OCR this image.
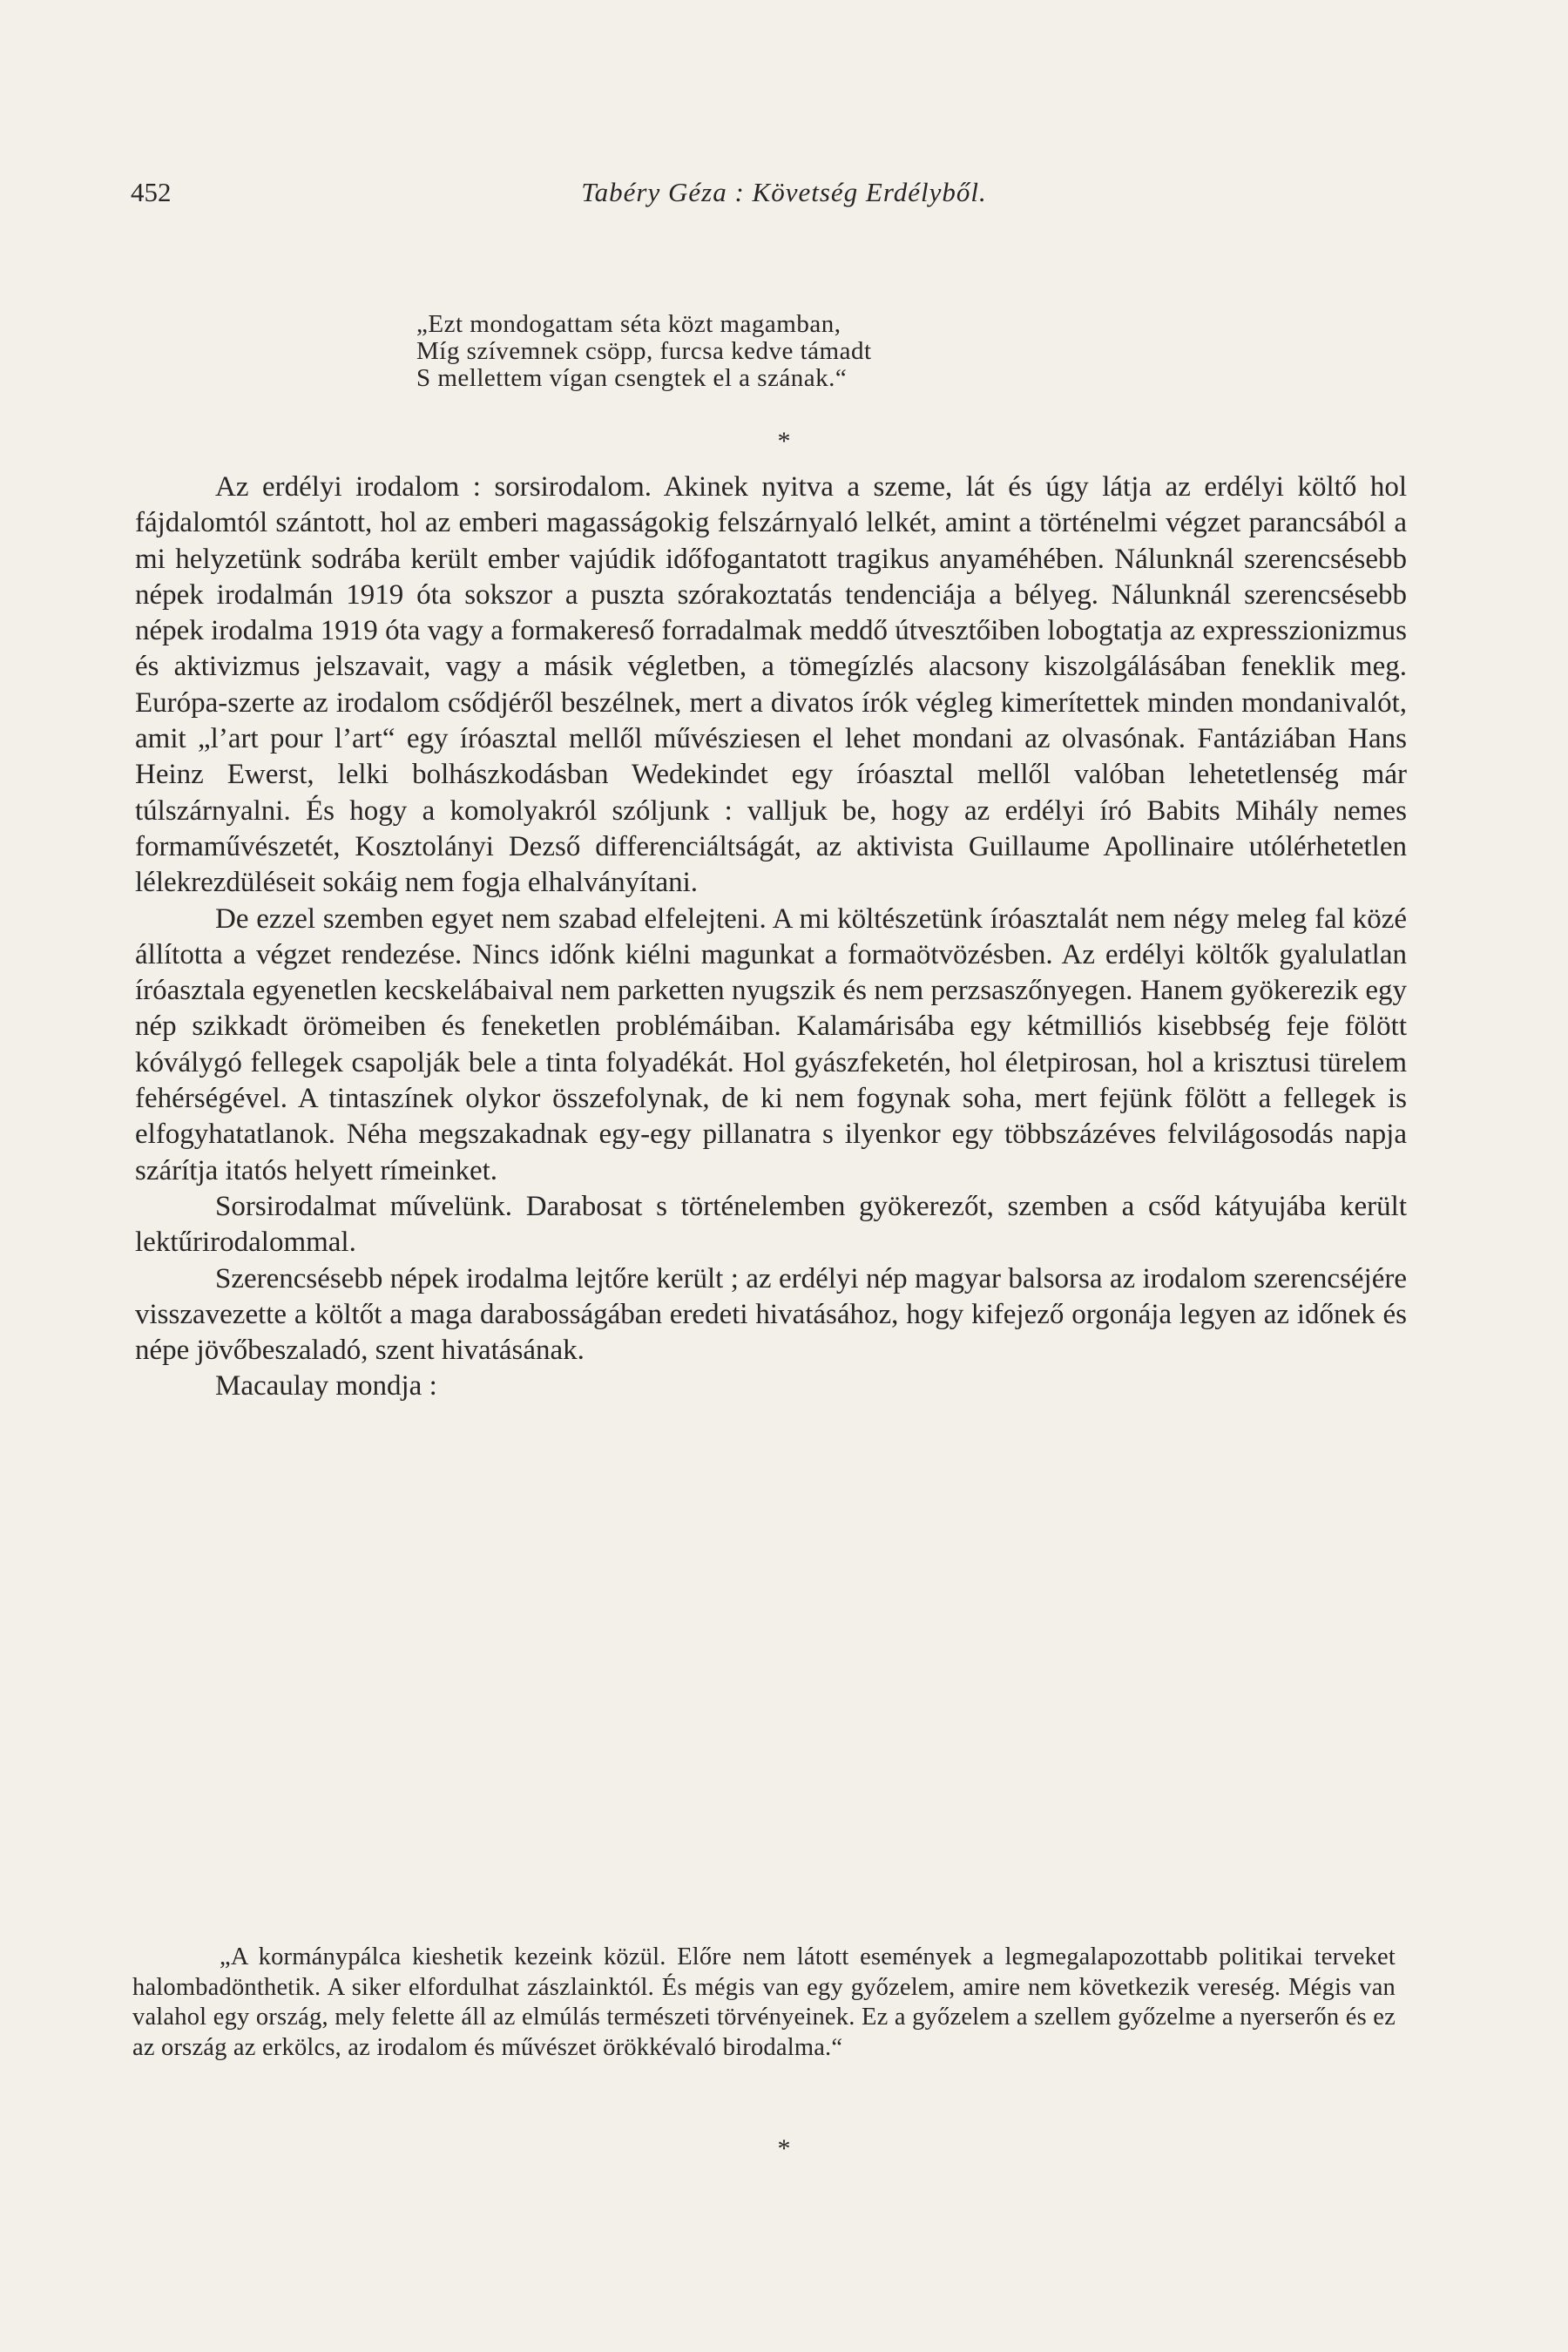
452	Tabéry Géza : Követség Erdélyből.
„Ezt mondogattam séta közt magamban,
Míg szívemnek csöpp, furcsa kedve támadt
S mellettem vígan csengtek el a szának.“
*

Az erdélyi irodalom : sorsirodalom. Akinek nyitva a szeme, lát és úgy látja az erdélyi költő hol fájdalomtól szántott, hol az emberi magasságokig felszárnyaló lelkét, amint a történelmi végzet parancsából a mi helyzetünk sodrába került ember vajúdik időfogantatott tragikus anyaméhében. Nálunknál szerencsésebb népek irodalmán 1919 óta sokszor a puszta szórakoztatás tendenciája a bélyeg. Nálunknál szerencsésebb népek irodalma 1919 óta vagy a formakereső forradalmak meddő útvesztőiben lobogtatja az expresszionizmus és aktivizmus jelszavait, vagy a másik végletben, a tömegízlés alacsony kiszolgálásában feneklik meg. Európa-szerte az irodalom csődjéről beszélnek, mert a divatos írók végleg kimerítettek minden mondanivalót, amit „l’art pour l’art“ egy íróasztal mellől művésziesen el lehet mondani az olvasónak. Fantáziában Hans Heinz Ewerst, lelki bolhászkodásban Wedekindet egy íróasztal mellől valóban lehetetlenség már túlszárnyalni. És hogy a komolyakról szóljunk : valljuk be, hogy az erdélyi író Babits Mihály nemes formaművészetét, Kosztolányi Dezső differenciáltságát, az aktivista Guillaume Apollinaire utólérhetetlen lélekrezdüléseit sokáig nem fogja elhalványítani.

De ezzel szemben egyet nem szabad elfelejteni. A mi költészetünk íróasztalát nem négy meleg fal közé állította a végzet rendezése. Nincs időnk kiélni magunkat a formaötvözésben. Az erdélyi költők gyalulatlan íróasztala egyenetlen kecskelábaival nem parketten nyugszik és nem perzsaszőnyegen. Hanem gyökerezik egy nép szikkadt örömeiben és feneketlen problémáiban. Kalamárisába egy kétmilliós kisebbség feje fölött kóválygó fellegek csapolják bele a tinta folyadékát. Hol gyászfeketén, hol életpirosan, hol a krisztusi türelem fehérségével. A tintaszínek olykor összefolynak, de ki nem fogynak soha, mert fejünk fölött a fellegek is elfogyhatatlanok. Néha megszakadnak egy-egy pillanatra s ilyenkor egy többszázéves felvilágosodás napja szárítja itatós helyett rímeinket.

Sorsirodalmat művelünk. Darabosat s történelemben gyökerezőt, szemben a csőd kátyujába került lektűrirodalommal.

Szerencsésebb népek irodalma lejtőre került ; az erdélyi nép magyar balsorsa az irodalom szerencséjére visszavezette a költőt a maga darabosságában eredeti hivatásához, hogy kifejező orgonája legyen az időnek és népe jövőbeszaladó, szent hivatásának.

Macaulay mondja :

„A kormánypálca kieshetik kezeink közül. Előre nem látott események a legmegalapozottabb politikai terveket halombadönthetik. A siker elfordulhat zászlainktól. És mégis van egy győzelem, amire nem következik vereség. Mégis van valahol egy ország, mely felette áll az elmúlás természeti törvényeinek. Ez a győzelem a szellem győzelme a nyerserőn és ez az ország az erkölcs, az irodalom és művészet örökkévaló birodalma.“
*
